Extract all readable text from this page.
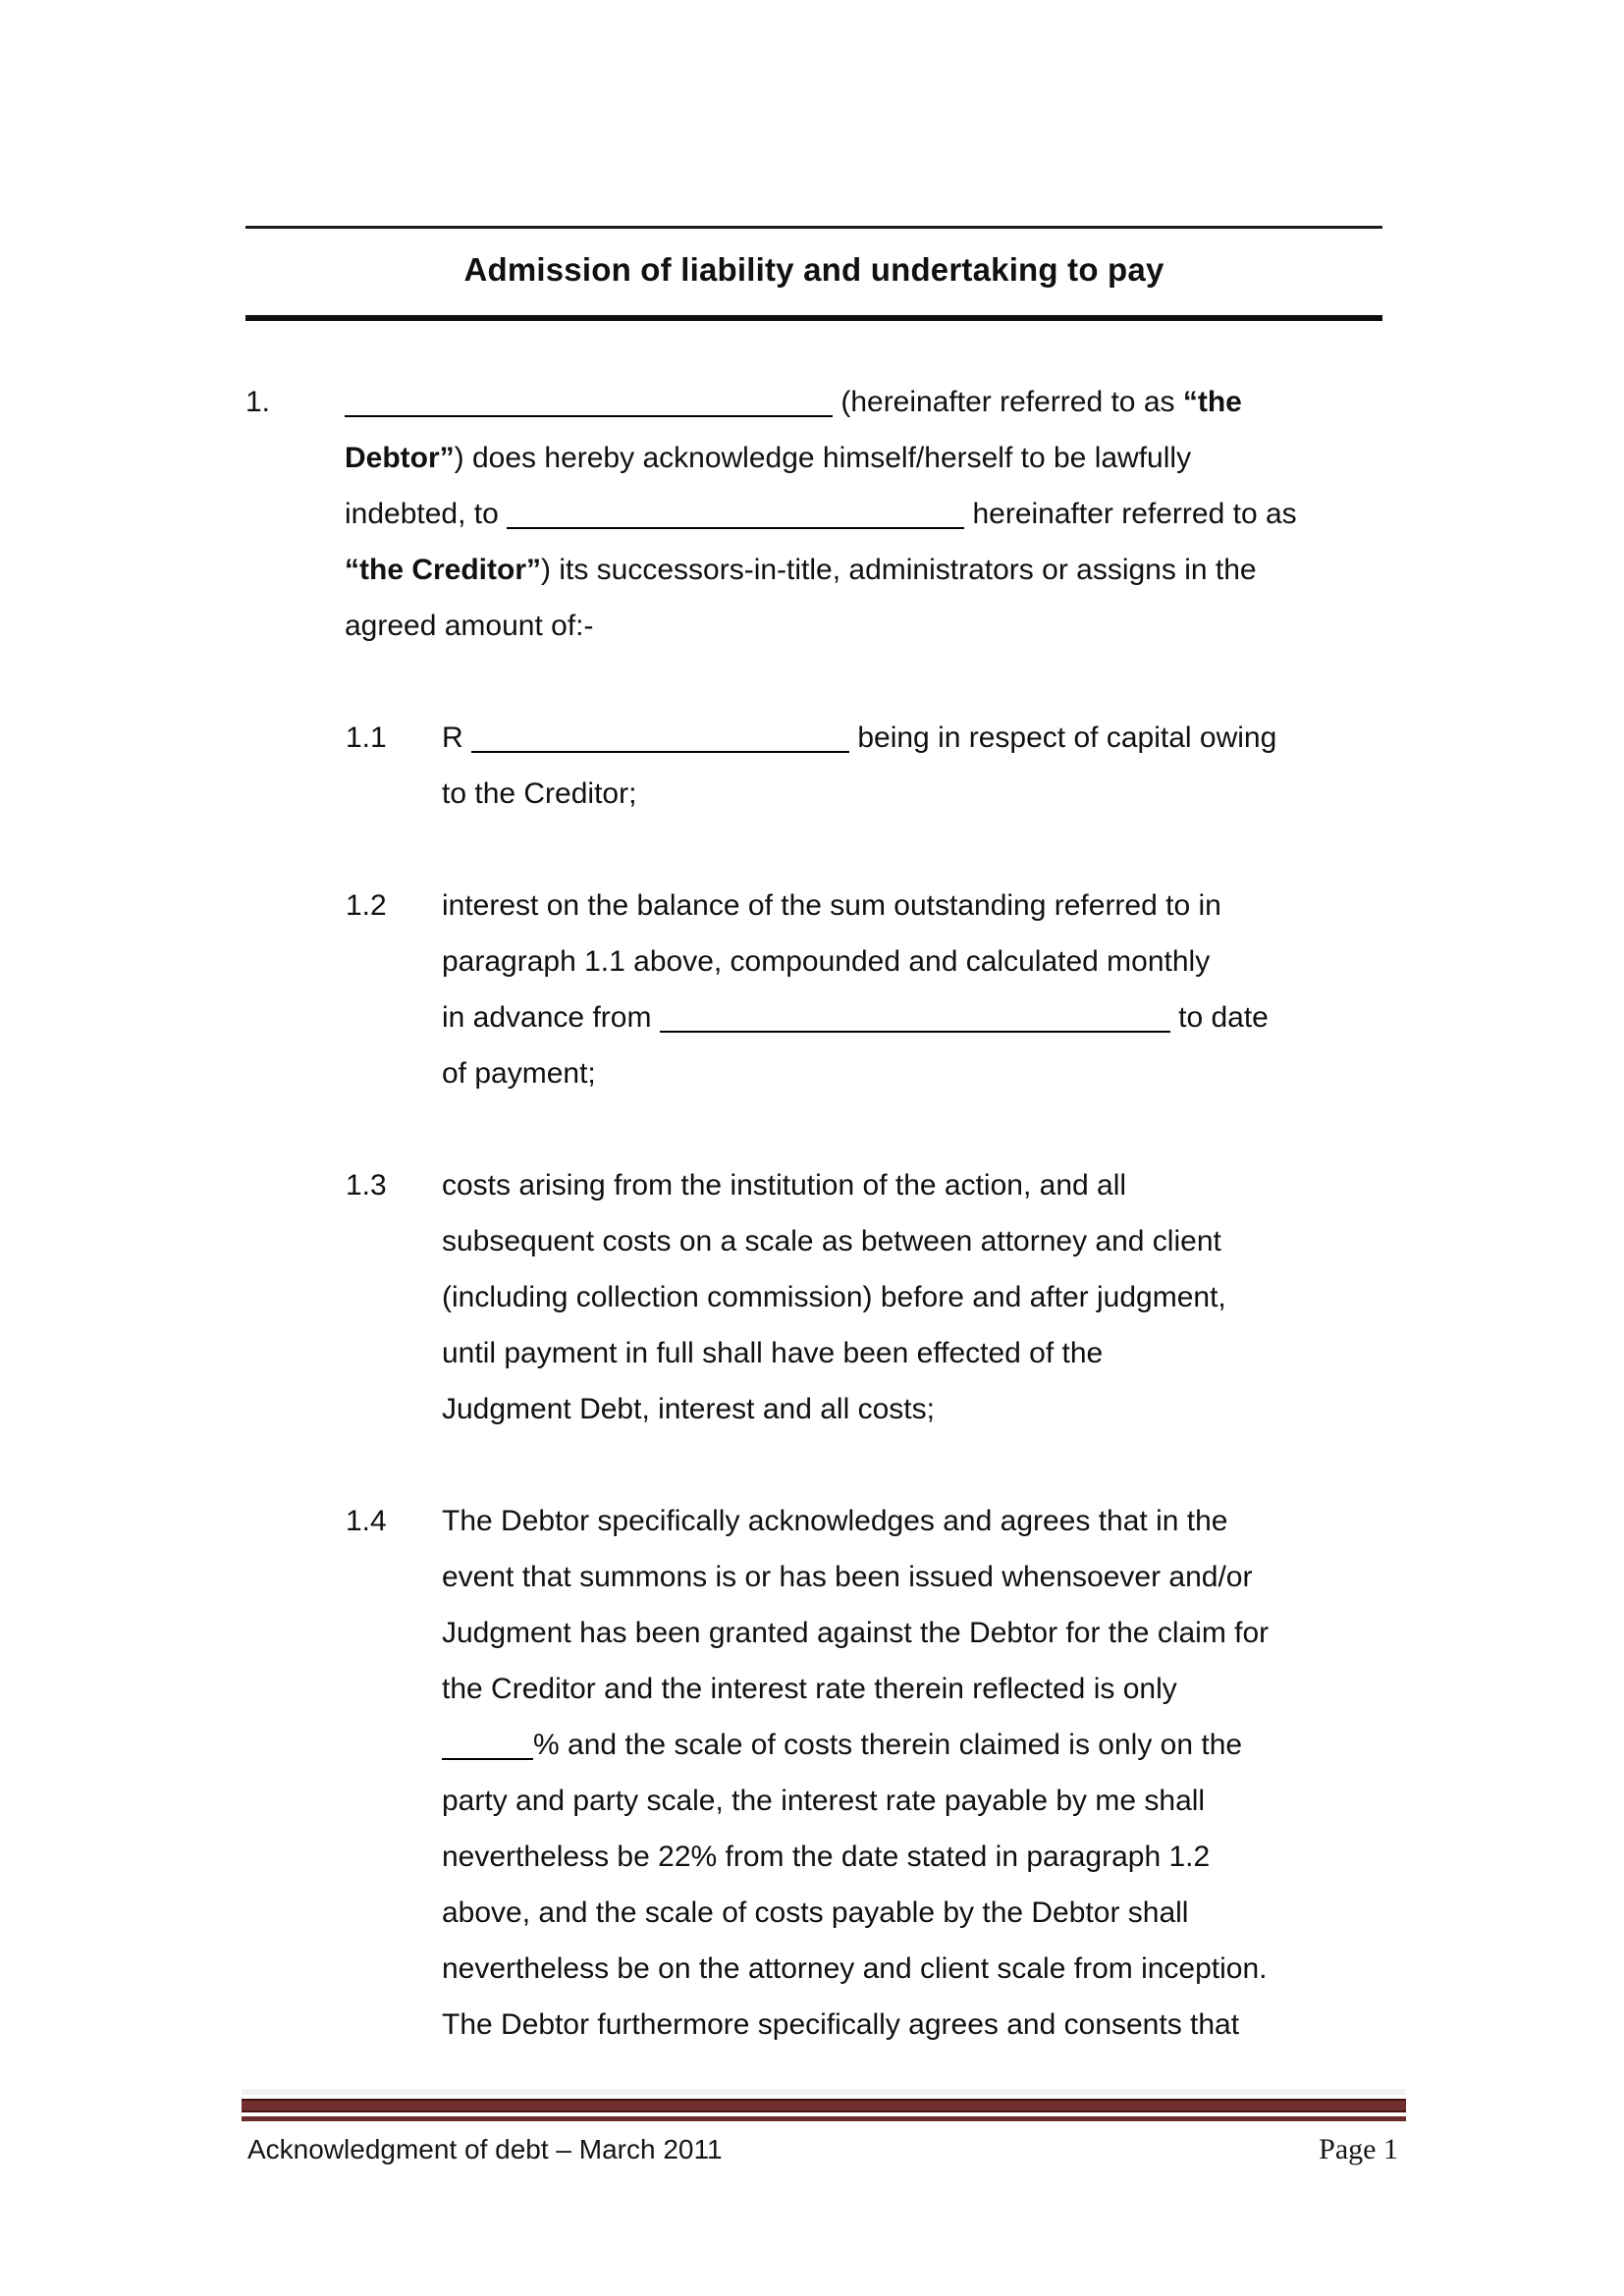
Admission of liability and undertaking to pay
1.	(hereinafter referred to as “the
Debtor”) does hereby acknowledge himself/herself to be lawfully
indebted, to	hereinafter referred to as
“the Creditor”) its successors-in-title, administrators or assigns in the
agreed amount of:-
1.1	R	being in respect of capital owing
to the Creditor;
1.2	interest on the balance of the sum outstanding referred to in
paragraph 1.1 above, compounded and calculated monthly
in advance from	to date
of payment;
1.3	costs arising from the institution of the action, and all
subsequent costs on a scale as between attorney and client
(including collection commission) before and after judgment,
until payment in full shall have been effected of the
Judgment Debt, interest and all costs;
1.4	The Debtor specifically acknowledges and agrees that in the
event that summons is or has been issued whensoever and/or
Judgment has been granted against the Debtor for the claim for
the Creditor and the interest rate therein reflected is only
% and the scale of costs therein claimed is only on the
party and party scale, the interest rate payable by me shall
nevertheless be 22% from the date stated in paragraph 1.2
above, and the scale of costs payable by the Debtor shall
nevertheless be on the attorney and client scale from inception.
The Debtor furthermore specifically agrees and consents that
Acknowledgment of debt – March 2011	Page 1
